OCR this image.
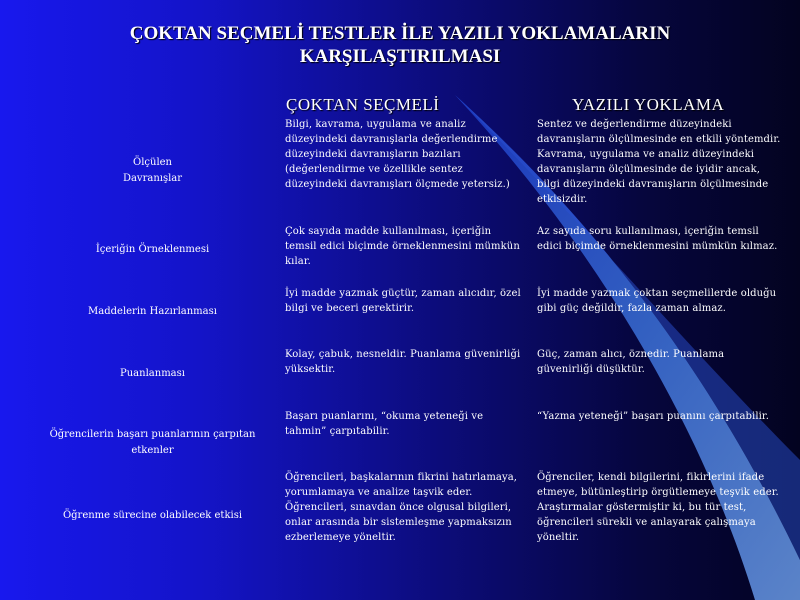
ÇOKTAN SEÇMELİ TESTLER İLE YAZILI YOKLAMALARIN
KARŞILAŞTIRILMASI
ÇOKTAN SEÇMELİ	YAZILI YOKLAMA
Ölçülen
Davranışlar
Bilgi, kavrama, uygulama ve analiz düzeyindeki davranışlarla değerlendirme düzeyindeki davranışların bazıları (değerlendirme ve özellikle sentez düzeyindeki davranışları ölçmede yetersiz.)
Sentez ve değerlendirme düzeyindeki davranışların ölçülmesinde en etkili yöntemdir. Kavrama, uygulama ve analiz düzeyindeki davranışların ölçülmesinde de iyidir ancak, bilgi düzeyindeki davranışların ölçülmesinde etkisizdir.
İçeriğin Örneklenmesi
Çok sayıda madde kullanılması, içeriğin temsil edici biçimde örneklenmesini mümkün kılar.
Az sayıda soru kullanılması, içeriğin temsil edici biçimde örneklenmesini mümkün kılmaz.
Maddelerin Hazırlanması
İyi madde yazmak güçtür, zaman alıcıdır, özel bilgi ve beceri gerektirir.
İyi madde yazmak çoktan seçmelilerde olduğu gibi güç değildir, fazla zaman almaz.
Puanlanması
Kolay, çabuk, nesneldir. Puanlama güvenirliği yüksektir.
Güç, zaman alıcı, öznedir. Puanlama güvenirliği düşüktür.
Öğrencilerin başarı puanlarının çarpıtan etkenler
Başarı puanlarını, “okuma yeteneği ve tahmin” çarpıtabilir.
“Yazma yeteneği” başarı puanını çarpıtabilir.
Öğrenme sürecine olabilecek etkisi
Öğrencileri, başkalarının fikrini hatırlamaya, yorumlamaya ve analize taşvik eder. Öğrencileri, sınavdan önce olgusal bilgileri, onlar arasında bir sistemleşme yapmaksızın ezberlemeye yöneltir.
Öğrenciler, kendi bilgilerini, fikirlerini ifade etmeye, bütünleştirip örgütlemeye teşvik eder. Araştırmalar göstermiştir ki, bu tür test, öğrencileri sürekli ve anlayarak çalışmaya yöneltir.
